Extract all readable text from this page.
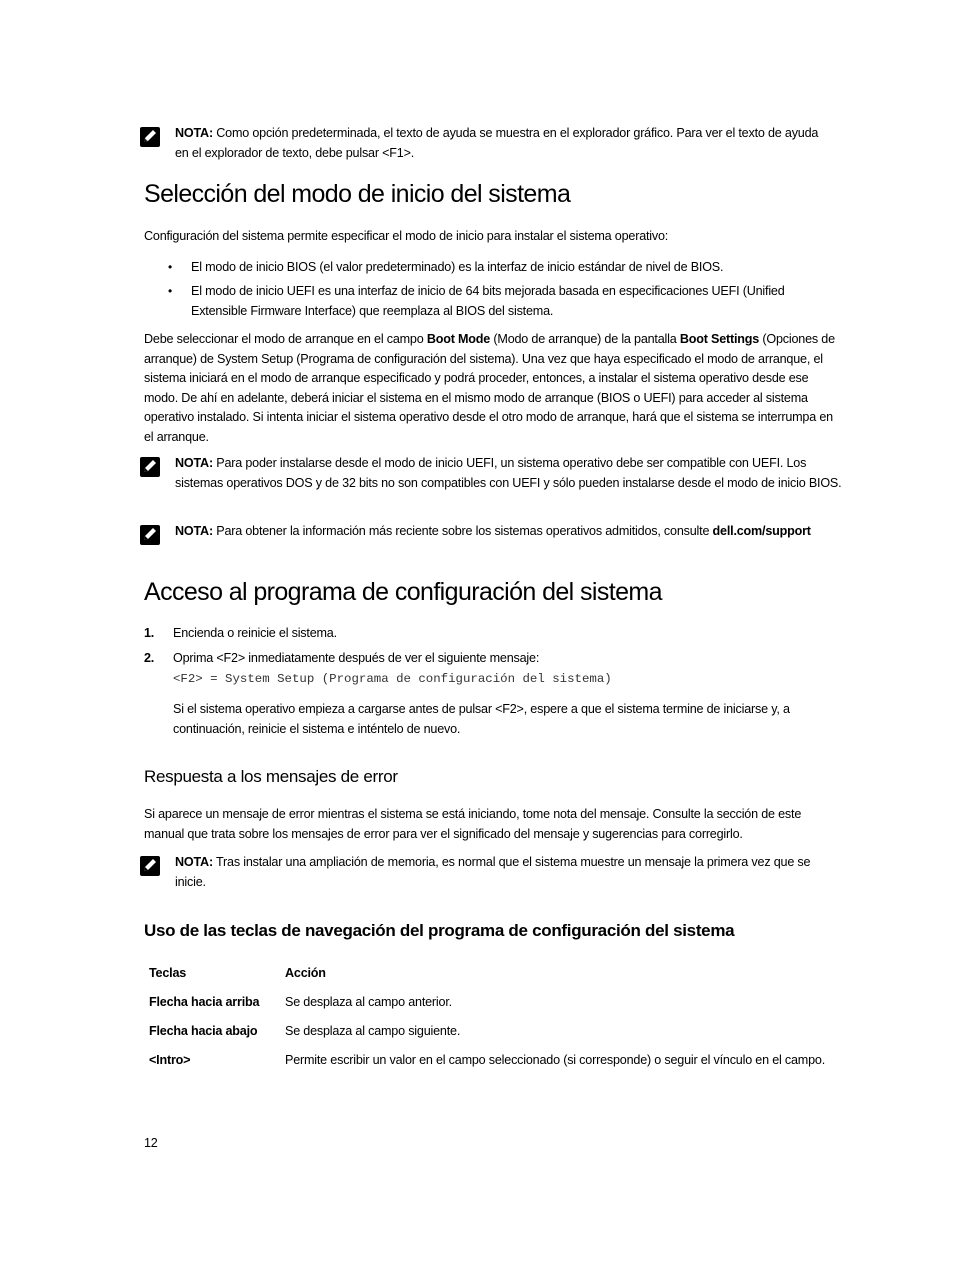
NOTA: Como opción predeterminada, el texto de ayuda se muestra en el explorador gráfico. Para ver el texto de ayuda en el explorador de texto, debe pulsar <F1>.
Selección del modo de inicio del sistema
Configuración del sistema permite especificar el modo de inicio para instalar el sistema operativo:
• El modo de inicio BIOS (el valor predeterminado) es la interfaz de inicio estándar de nivel de BIOS.
• El modo de inicio UEFI es una interfaz de inicio de 64 bits mejorada basada en especificaciones UEFI (Unified Extensible Firmware Interface) que reemplaza al BIOS del sistema.
Debe seleccionar el modo de arranque en el campo Boot Mode (Modo de arranque) de la pantalla Boot Settings (Opciones de arranque) de System Setup (Programa de configuración del sistema). Una vez que haya especificado el modo de arranque, el sistema iniciará en el modo de arranque especificado y podrá proceder, entonces, a instalar el sistema operativo desde ese modo. De ahí en adelante, deberá iniciar el sistema en el mismo modo de arranque (BIOS o UEFI) para acceder al sistema operativo instalado. Si intenta iniciar el sistema operativo desde el otro modo de arranque, hará que el sistema se interrumpa en el arranque.
NOTA: Para poder instalarse desde el modo de inicio UEFI, un sistema operativo debe ser compatible con UEFI. Los sistemas operativos DOS y de 32 bits no son compatibles con UEFI y sólo pueden instalarse desde el modo de inicio BIOS.
NOTA: Para obtener la información más reciente sobre los sistemas operativos admitidos, consulte dell.com/support
Acceso al programa de configuración del sistema
1. Encienda o reinicie el sistema.
2. Oprima <F2> inmediatamente después de ver el siguiente mensaje:
<F2> = System Setup (Programa de configuración del sistema)
Si el sistema operativo empieza a cargarse antes de pulsar <F2>, espere a que el sistema termine de iniciarse y, a continuación, reinicie el sistema e inténtelo de nuevo.
Respuesta a los mensajes de error
Si aparece un mensaje de error mientras el sistema se está iniciando, tome nota del mensaje. Consulte la sección de este manual que trata sobre los mensajes de error para ver el significado del mensaje y sugerencias para corregirlo.
NOTA: Tras instalar una ampliación de memoria, es normal que el sistema muestre un mensaje la primera vez que se inicie.
Uso de las teclas de navegación del programa de configuración del sistema
Teclas	Acción
Flecha hacia arriba Se desplaza al campo anterior.
Flecha hacia abajo Se desplaza al campo siguiente.
<Intro>	Permite escribir un valor en el campo seleccionado (si corresponde) o seguir el vínculo en el campo.
12
